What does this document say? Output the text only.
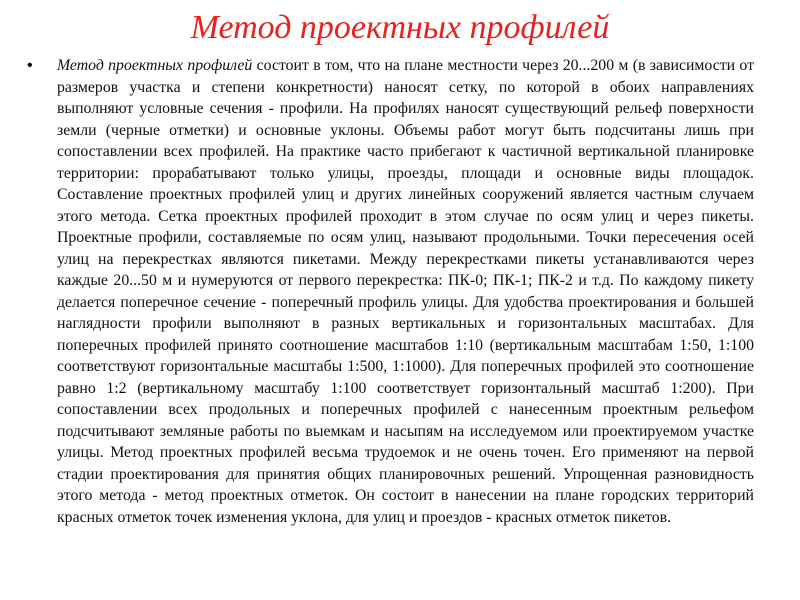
Метод проектных профилей
• Метод проектных профилей состоит в том, что на плане местности через 20...200 м (в зависимости от размеров участка и степени конкретности) наносят сетку, по которой в обоих направлениях выполняют условные сечения - профили. На профилях наносят существующий рельеф поверхности земли (черные отметки) и основные уклоны. Объемы работ могут быть подсчитаны лишь при сопоставлении всех профилей. На практике часто прибегают к частичной вертикальной планировке территории: прорабатывают только улицы, проезды, площади и основные виды площадок. Составление проектных профилей улиц и других линейных сооружений является частным случаем этого метода. Сетка проектных профилей проходит в этом случае по осям улиц и через пикеты. Проектные профили, составляемые по осям улиц, называют продольными. Точки пересечения осей улиц на перекрестках являются пикетами. Между перекрестками пикеты устанавливаются через каждые 20...50 м и нумеруются от первого перекрестка: ПК-0; ПК-1; ПК-2 и т.д. По каждому пикету делается поперечное сечение - поперечный профиль улицы. Для удобства проектирования и большей наглядности профили выполняют в разных вертикальных и горизонтальных масштабах. Для поперечных профилей принято соотношение масштабов 1:10 (вертикальным масштабам 1:50, 1:100 соответствуют горизонтальные масштабы 1:500, 1:1000). Для поперечных профилей это соотношение равно 1:2 (вертикальному масштабу 1:100 соответствует горизонтальный масштаб 1:200). При сопоставлении всех продольных и поперечных профилей с нанесенным проектным рельефом подсчитывают земляные работы по выемкам и насыпям на исследуемом или проектируемом участке улицы. Метод проектных профилей весьма трудоемок и не очень точен. Его применяют на первой стадии проектирования для принятия общих планировочных решений. Упрощенная разновидность этого метода - метод проектных отметок. Он состоит в нанесении на плане городских территорий красных отметок точек изменения уклона, для улиц и проездов - красных отметок пикетов.
